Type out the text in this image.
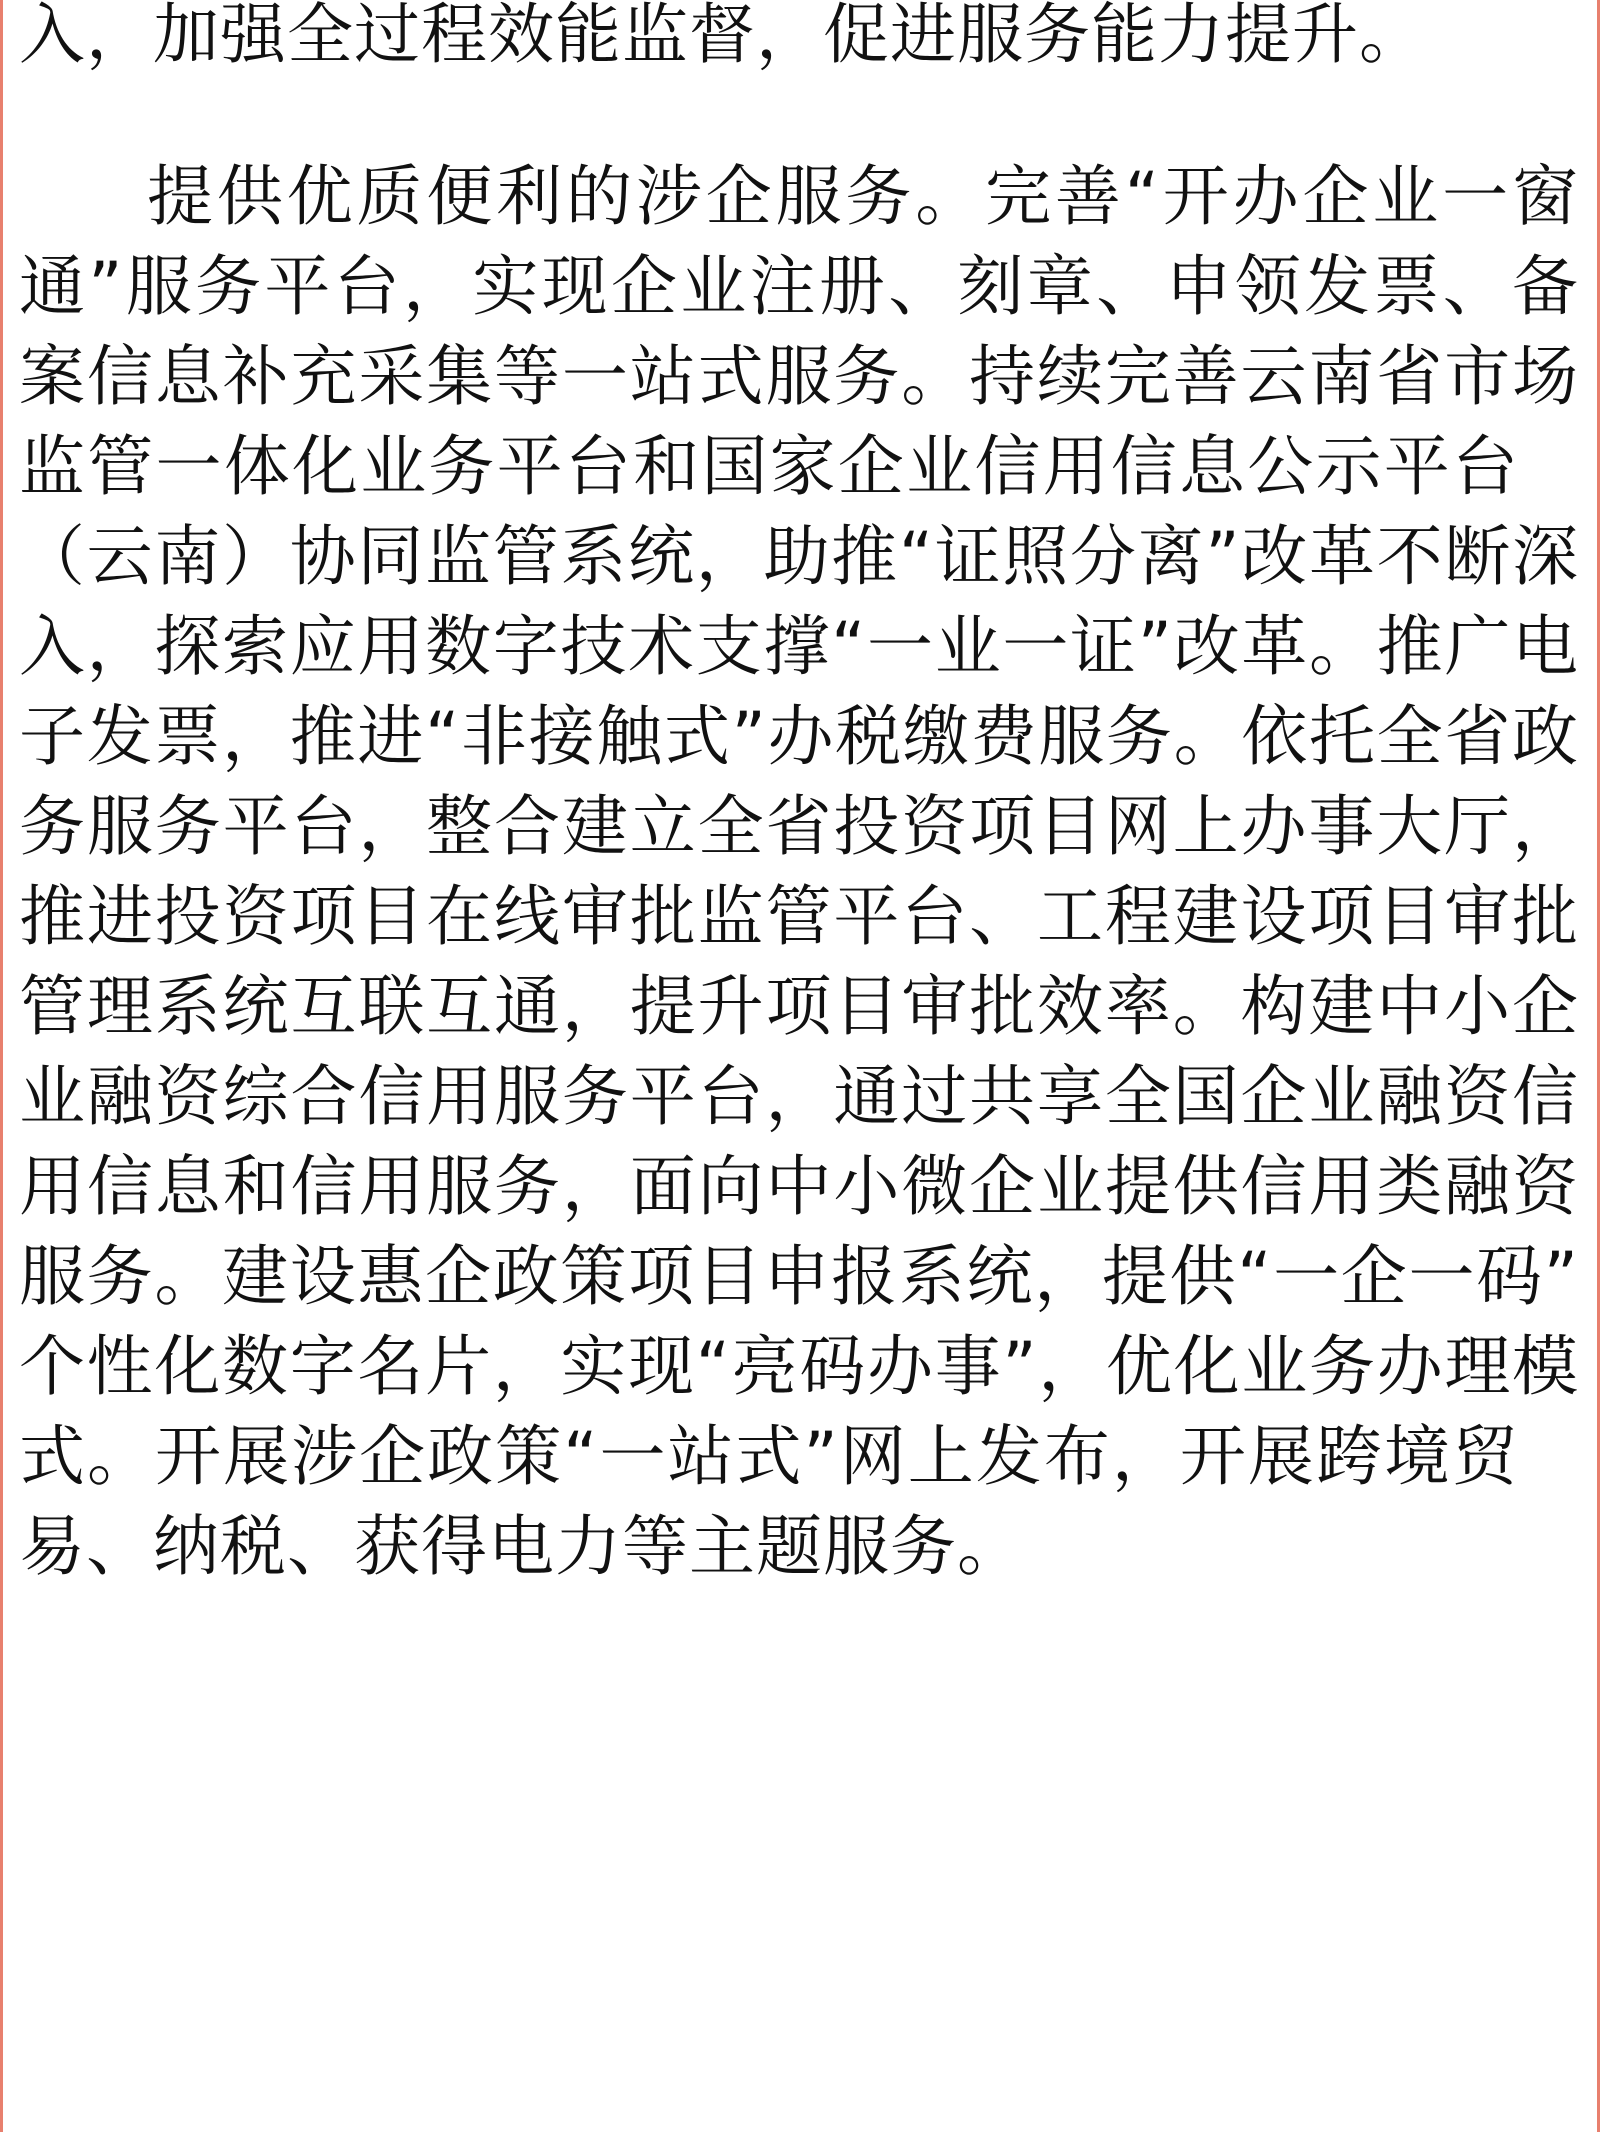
入，加强全过程效能监督，促进服务能力提升。
提供优质便利的涉企服务。完善“开办企业一窗
通”服务平台，实现企业注册、刻章、申领发票、备
案信息补充采集等一站式服务。持续完善云南省市场
监管一体化业务平台和国家企业信用信息公示平台
（云南）协同监管系统，助推“证照分离”改革不断深
入，探索应用数字技术支撑“一业一证”改革。推广电
子发票，推进“非接触式”办税缴费服务。依托全省政
务服务平台，整合建立全省投资项目网上办事大厅，
推进投资项目在线审批监管平台、工程建设项目审批
管理系统互联互通，提升项目审批效率。构建中小企
业融资综合信用服务平台，通过共享全国企业融资信
用信息和信用服务，面向中小微企业提供信用类融资
服务。建设惠企政策项目申报系统，提供“一企一码”
个性化数字名片，实现“亮码办事”，优化业务办理模
式。开展涉企政策“一站式”网上发布，开展跨境贸
易、纳税、获得电力等主题服务。
